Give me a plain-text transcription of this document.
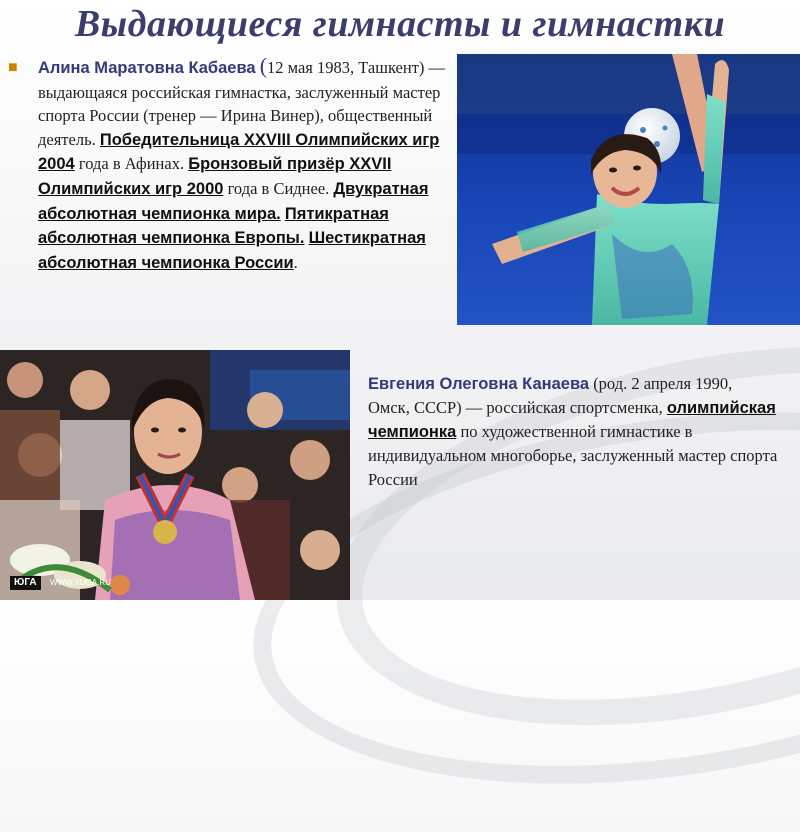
Выдающиеся гимнасты и гимнастки
■ Алина Маратовна Кабаева (12 мая 1983, Ташкент) — выдающаяся российская гимнастка, заслуженный мастер спорта России (тренер — Ирина Винер), общественный деятель. Победительница XXVIII Олимпийских игр 2004 года в Афинах. Бронзовый призёр XXVII Олимпийских игр 2000 года в Сиднее. Двукратная абсолютная чемпионка мира. Пятикратная абсолютная чемпионка Европы. Шестикратная абсолютная чемпионка России.
ЮГА	WWW.YUGA.RU
Евгения Олеговна Канаева (род. 2 апреля 1990, Омск, СССР) — российская спортсменка, олимпийская чемпионка по художественной гимнастике в индивидуальном многоборье, заслуженный мастер спорта России
